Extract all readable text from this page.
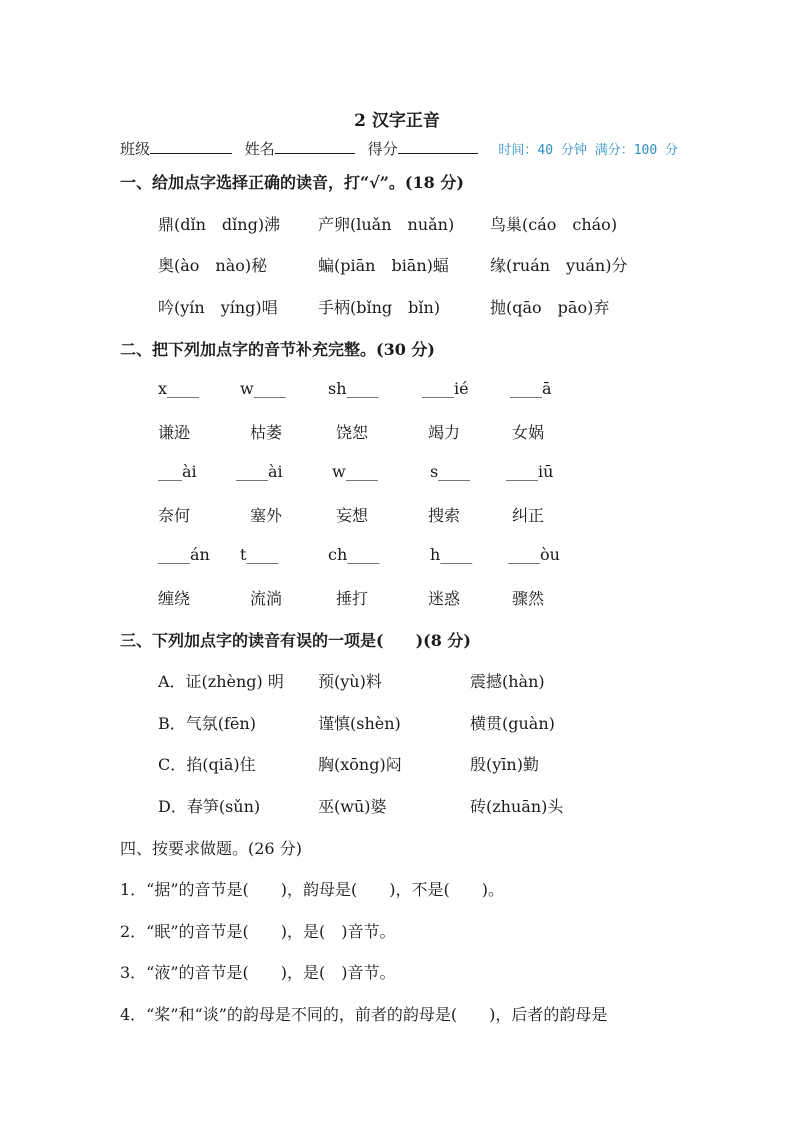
2 汉字正音
班级	姓名	得分	时间：40 分钟 满分：100 分
一、给加点字选择正确的读音，打“√”。(18 分)
鼎(dǐn　dǐng)沸 产卵(luǎn　nuǎn) 鸟巢(cáo　cháo)
奥(ào　nào)秘	蝙(piān　biān)蝠	缘(ruán　yuán)分
吟(yín　yíng)唱	手柄(bǐng　bǐn)	抛(qāo　pāo)弃
二、把下列加点字的音节补充完整。(30 分)
x____	w____	sh____	____ié	____ā
谦逊	枯萎	饶恕	竭力	女娲
___ài ____ài	w____	s____ ____iū
奈何	塞外	妄想	搜索	纠正
____án t____	ch____	h____ ____òu
缠绕	流淌	捶打	迷惑	骤然
三、下列加点字的读音有误的一项是(　　)(8 分)
A．证(zhèng) 明 预(yù)料	震撼(hàn)
B．气氛(fēn)	谨慎(shèn)	横贯(guàn)
C．掐(qiā)住	胸(xōng)闷	殷(yīn)勤
D．春笋(sǔn)	巫(wū)婆	砖(zhuān)头
四、按要求做题。(26 分)
1．“据”的音节是(　　)，韵母是(　　)，不是(　　)。
2．“眠”的音节是(　　)，是(　)音节。
3．“液”的音节是(　　)，是(　)音节。
4．“桨”和“谈”的韵母是不同的，前者的韵母是(　　)，后者的韵母是
